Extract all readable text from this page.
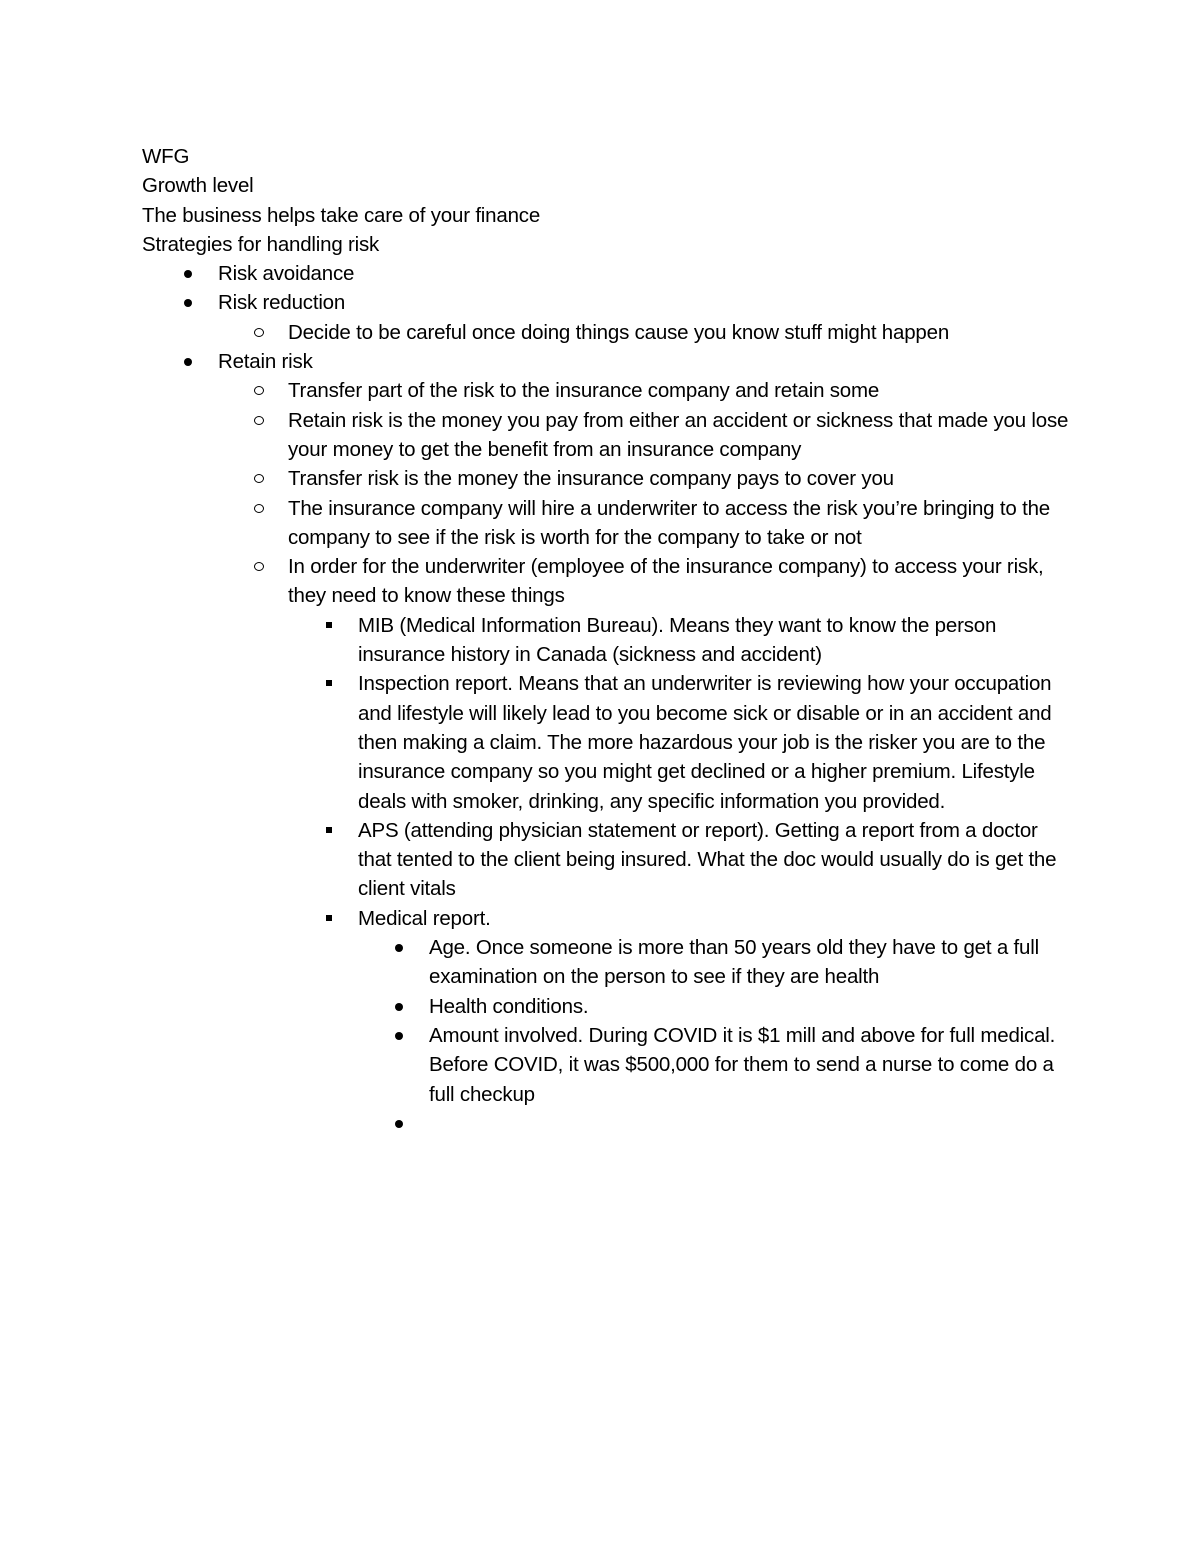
WFG

Growth level

The business helps take care of your finance

Strategies for handling risk

Risk avoidance
Risk reduction
Decide to be careful once doing things cause you know stuff might happen
Retain risk
Transfer part of the risk to the insurance company and retain some
Retain risk is the money you pay from either an accident or sickness that made you lose your money to get the benefit from an insurance company
Transfer risk is the money the insurance company pays to cover you
The insurance company will hire a underwriter to access the risk you’re bringing to the company to see if the risk is worth for the company to take or not
In order for the underwriter (employee of the insurance company) to access your risk, they need to know these things
MIB (Medical Information Bureau). Means they want to know the person insurance history in Canada (sickness and accident)
Inspection report. Means that an underwriter is reviewing how your occupation and lifestyle will likely lead to you become sick or disable or in an accident and then making a claim. The more hazardous your job is the risker you are to the insurance company so you might get declined or a higher premium. Lifestyle deals with smoker, drinking, any specific information you provided.
APS (attending physician statement or report). Getting a report from a doctor that tented to the client being insured. What the doc would usually do is get the client vitals
Medical report.
Age. Once someone is more than 50 years old they have to get a full examination on the person to see if they are health
Health conditions.
Amount involved. During COVID it is $1 mill and above for full medical. Before COVID, it was $500,000 for them to send a nurse to come do a full checkup
